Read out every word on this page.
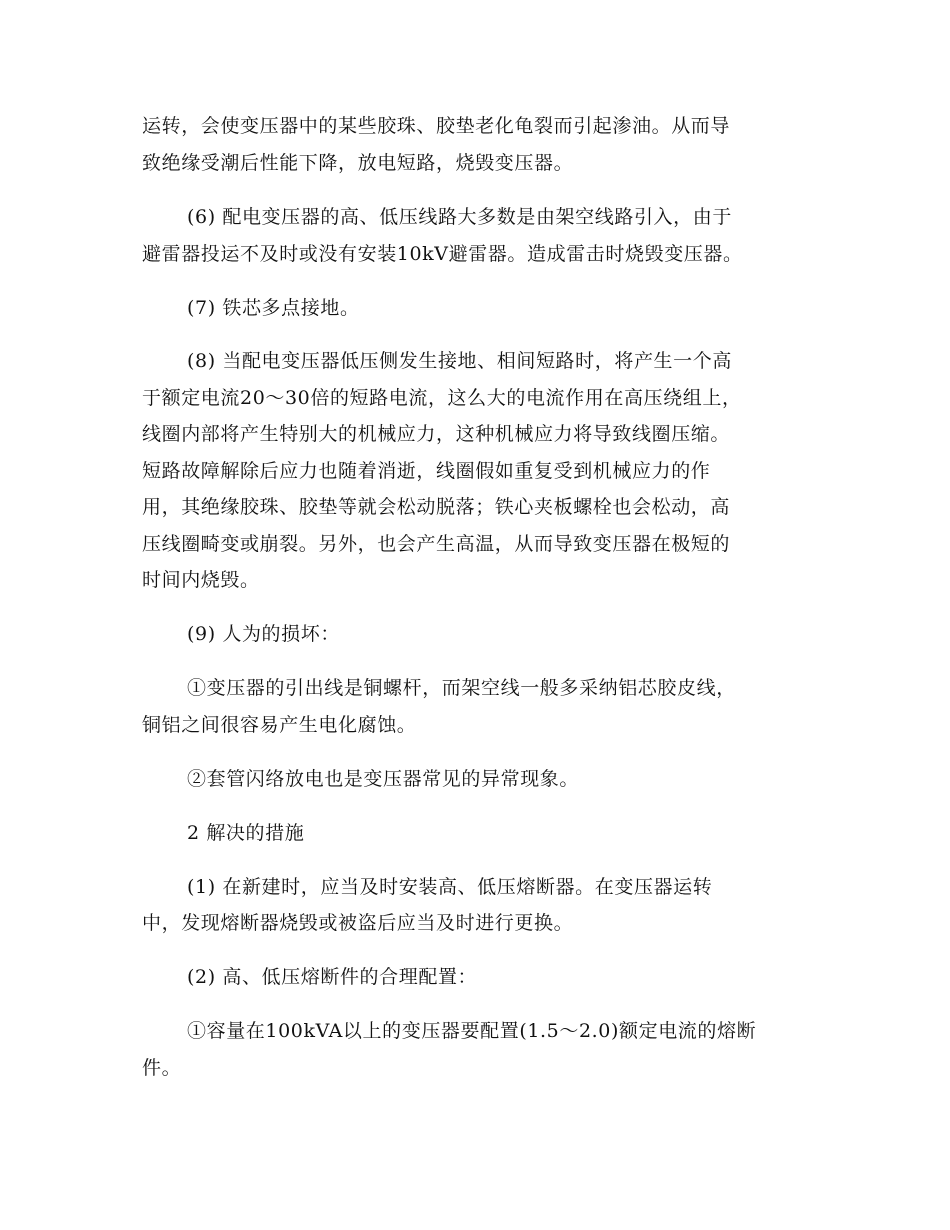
运转，会使变压器中的某些胶珠、胶垫老化龟裂而引起渗油。从而导
致绝缘受潮后性能下降，放电短路，烧毁变压器。
(6) 配电变压器的高、低压线路大多数是由架空线路引入，由于
避雷器投运不及时或没有安装10kV避雷器。造成雷击时烧毁变压器。
(7) 铁芯多点接地。
(8) 当配电变压器低压侧发生接地、相间短路时，将产生一个高
于额定电流20～30倍的短路电流，这么大的电流作用在高压绕组上，
线圈内部将产生特别大的机械应力，这种机械应力将导致线圈压缩。
短路故障解除后应力也随着消逝，线圈假如重复受到机械应力的作
用，其绝缘胶珠、胶垫等就会松动脱落；铁心夹板螺栓也会松动，高
压线圈畸变或崩裂。另外，也会产生高温，从而导致变压器在极短的
时间内烧毁。
(9) 人为的损坏：
①变压器的引出线是铜螺杆，而架空线一般多采纳铝芯胶皮线，
铜铝之间很容易产生电化腐蚀。
②套管闪络放电也是变压器常见的异常现象。
2 解决的措施
(1) 在新建时，应当及时安装高、低压熔断器。在变压器运转
中，发现熔断器烧毁或被盗后应当及时进行更换。
(2) 高、低压熔断件的合理配置：
①容量在100kVA以上的变压器要配置(1.5～2.0)额定电流的熔断
件。
